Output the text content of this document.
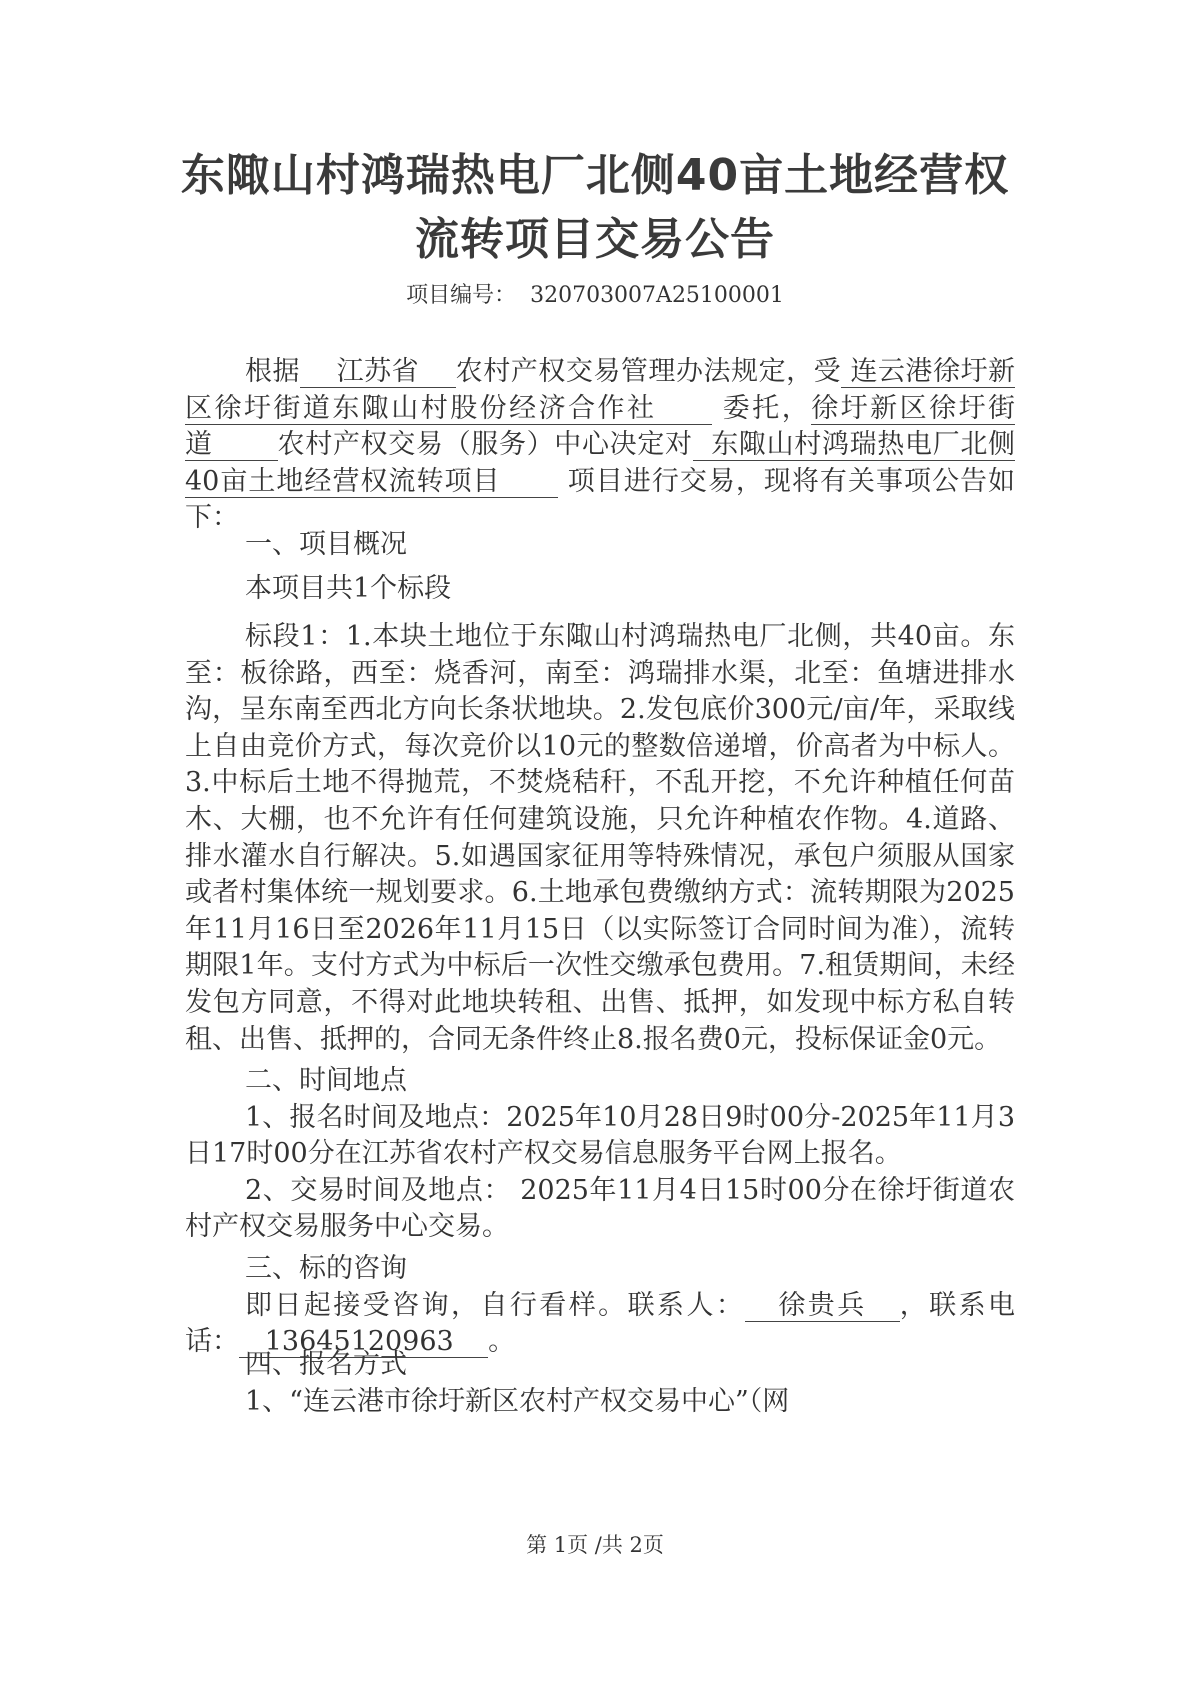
东陬山村鸿瑞热电厂北侧40亩土地经营权
流转项目交易公告
项目编号： 320703007A25100001

根据 江苏省 农村产权交易管理办法规定，受 连云港徐圩新区徐圩街道东陬山村股份经济合作社 委托，徐圩新区徐圩街道 农村产权交易（服务）中心决定对 东陬山村鸿瑞热电厂北侧40亩土地经营权流转项目 项目进行交易，现将有关事项公告如下：

一、项目概况

本项目共1个标段

标段1：1.本块土地位于东陬山村鸿瑞热电厂北侧，共40亩。东至：板徐路，西至：烧香河，南至：鸿瑞排水渠，北至：鱼塘进排水沟，呈东南至西北方向长条状地块。2.发包底价300元/亩/年，采取线上自由竞价方式，每次竞价以10元的整数倍递增，价高者为中标人。3.中标后土地不得抛荒，不焚烧秸秆，不乱开挖，不允许种植任何苗木、大棚，也不允许有任何建筑设施，只允许种植农作物。4.道路、排水灌水自行解决。5.如遇国家征用等特殊情况，承包户须服从国家或者村集体统一规划要求。6.土地承包费缴纳方式：流转期限为2025年11月16日至2026年11月15日（以实际签订合同时间为准），流转期限1年。支付方式为中标后一次性交缴承包费用。7.租赁期间，未经发包方同意，不得对此地块转租、出售、抵押，如发现中标方私自转租、出售、抵押的，合同无条件终止8.报名费0元，投标保证金0元。

二、时间地点

1、报名时间及地点：2025年10月28日9时00分-2025年11月3日17时00分在江苏省农村产权交易信息服务平台网上报名。

2、交易时间及地点： 2025年11月4日15时00分在徐圩街道农村产权交易服务中心交易。

三、标的咨询

即日起接受咨询，自行看样。联系人： 徐贵兵 ，联系电话： 13645120963 。

四、报名方式

1、“连云港市徐圩新区农村产权交易中心”（网

第 1页 /共 2页
